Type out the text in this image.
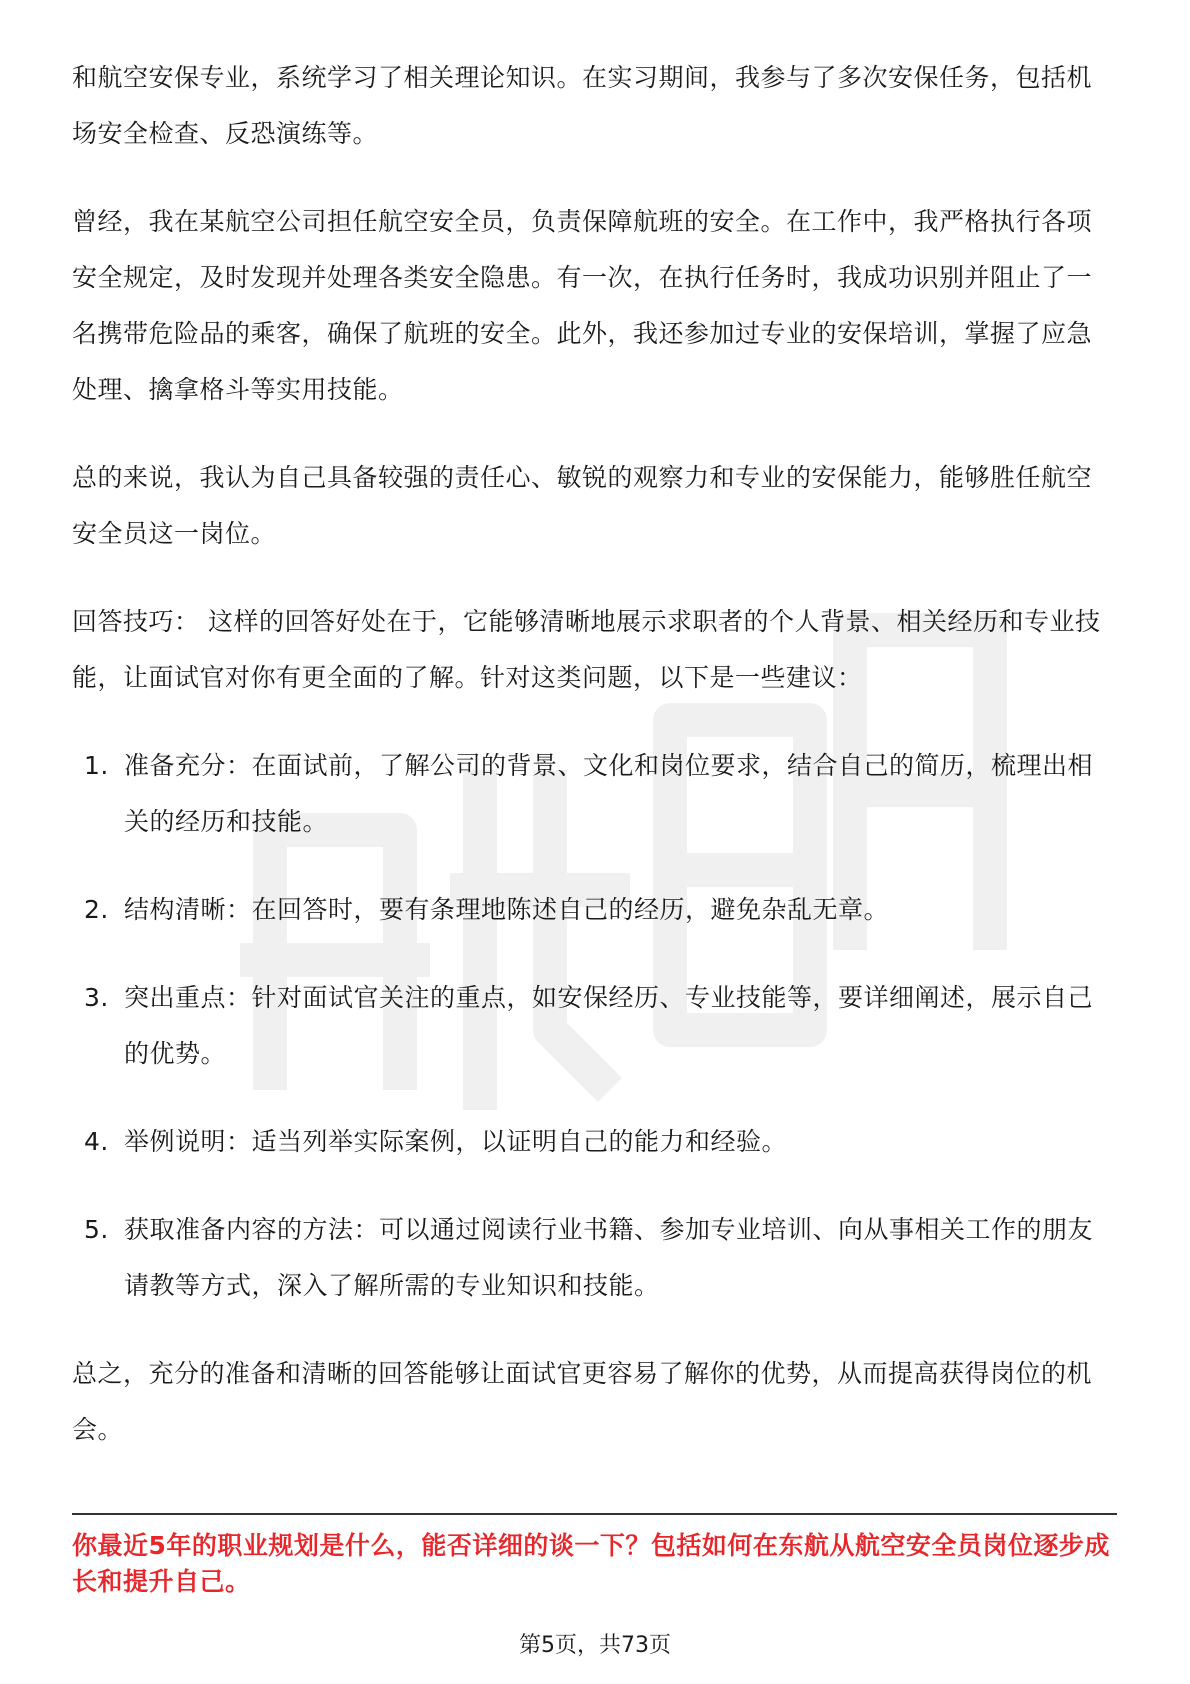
和航空安保专业，系统学习了相关理论知识。在实习期间，我参与了多次安保任务，包括机场安全检查、反恐演练等。

曾经，我在某航空公司担任航空安全员，负责保障航班的安全。在工作中，我严格执行各项安全规定，及时发现并处理各类安全隐患。有一次，在执行任务时，我成功识别并阻止了一名携带危险品的乘客，确保了航班的安全。此外，我还参加过专业的安保培训，掌握了应急处理、擒拿格斗等实用技能。

总的来说，我认为自己具备较强的责任心、敏锐的观察力和专业的安保能力，能够胜任航空安全员这一岗位。

回答技巧： 这样的回答好处在于，它能够清晰地展示求职者的个人背景、相关经历和专业技能，让面试官对你有更全面的了解。针对这类问题，以下是一些建议：

1. 准备充分：在面试前，了解公司的背景、文化和岗位要求，结合自己的简历，梳理出相关的经历和技能。
2. 结构清晰：在回答时，要有条理地陈述自己的经历，避免杂乱无章。
3. 突出重点：针对面试官关注的重点，如安保经历、专业技能等，要详细阐述，展示自己的优势。
4. 举例说明：适当列举实际案例，以证明自己的能力和经验。
5. 获取准备内容的方法：可以通过阅读行业书籍、参加专业培训、向从事相关工作的朋友请教等方式，深入了解所需的专业知识和技能。

总之，充分的准备和清晰的回答能够让面试官更容易了解你的优势，从而提高获得岗位的机会。

你最近5年的职业规划是什么，能否详细的谈一下？包括如何在东航从航空安全员岗位逐步成长和提升自己。

第5页，共73页
